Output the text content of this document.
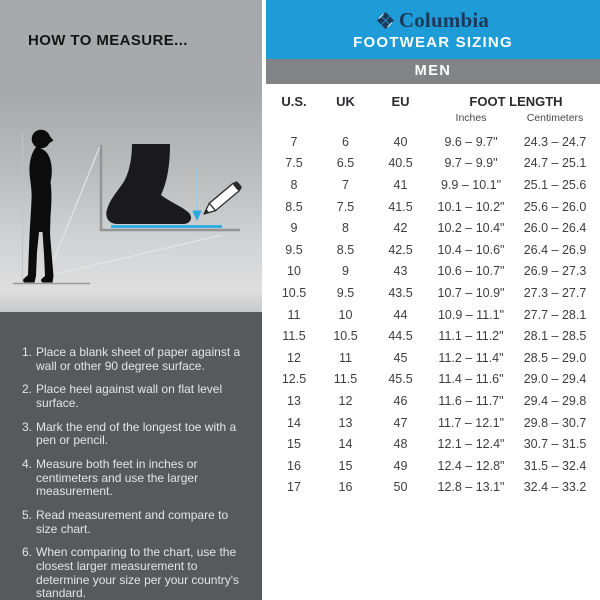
HOW TO MEASURE...
1. Place a blank sheet of paper against a wall or other 90 degree surface.
2. Place heel against wall on flat level surface.
3. Mark the end of the longest toe with a pen or pencil.
4. Measure both feet in inches or centimeters and use the larger measurement.
5. Read measurement and compare to size chart.
6. When comparing to the chart, use the closest larger measurement to determine your size per your country's standard.
Columbia
FOOTWEAR SIZING
MEN
U.S.	UK	EU	FOOT LENGTH
Inches	Centimeters
7	6	40	9.6 – 9.7"	24.3 – 24.7
7.5	6.5	40.5	9.7 – 9.9"	24.7 – 25.1
8	7	41	9.9 – 10.1"	25.1 – 25.6
8.5	7.5	41.5	10.1 – 10.2"	25.6 – 26.0
9	8	42	10.2 – 10.4"	26.0 – 26.4
9.5	8.5	42.5	10.4 – 10.6"	26.4 – 26.9
10	9	43	10.6 – 10.7"	26.9 – 27.3
10.5	9.5	43.5	10.7 – 10.9"	27.3 – 27.7
11	10	44	10.9 – 11.1"	27.7 – 28.1
11.5	10.5	44.5	11.1 – 11.2"	28.1 – 28.5
12	11	45	11.2 – 11.4"	28.5 – 29.0
12.5	11.5	45.5	11.4 – 11.6"	29.0 – 29.4
13	12	46	11.6 – 11.7"	29.4 – 29.8
14	13	47	11.7 – 12.1"	29.8 – 30.7
15	14	48	12.1 – 12.4"	30.7 – 31.5
16	15	49	12.4 – 12.8"	31.5 – 32.4
17	16	50	12.8 – 13.1"	32.4 – 33.2
